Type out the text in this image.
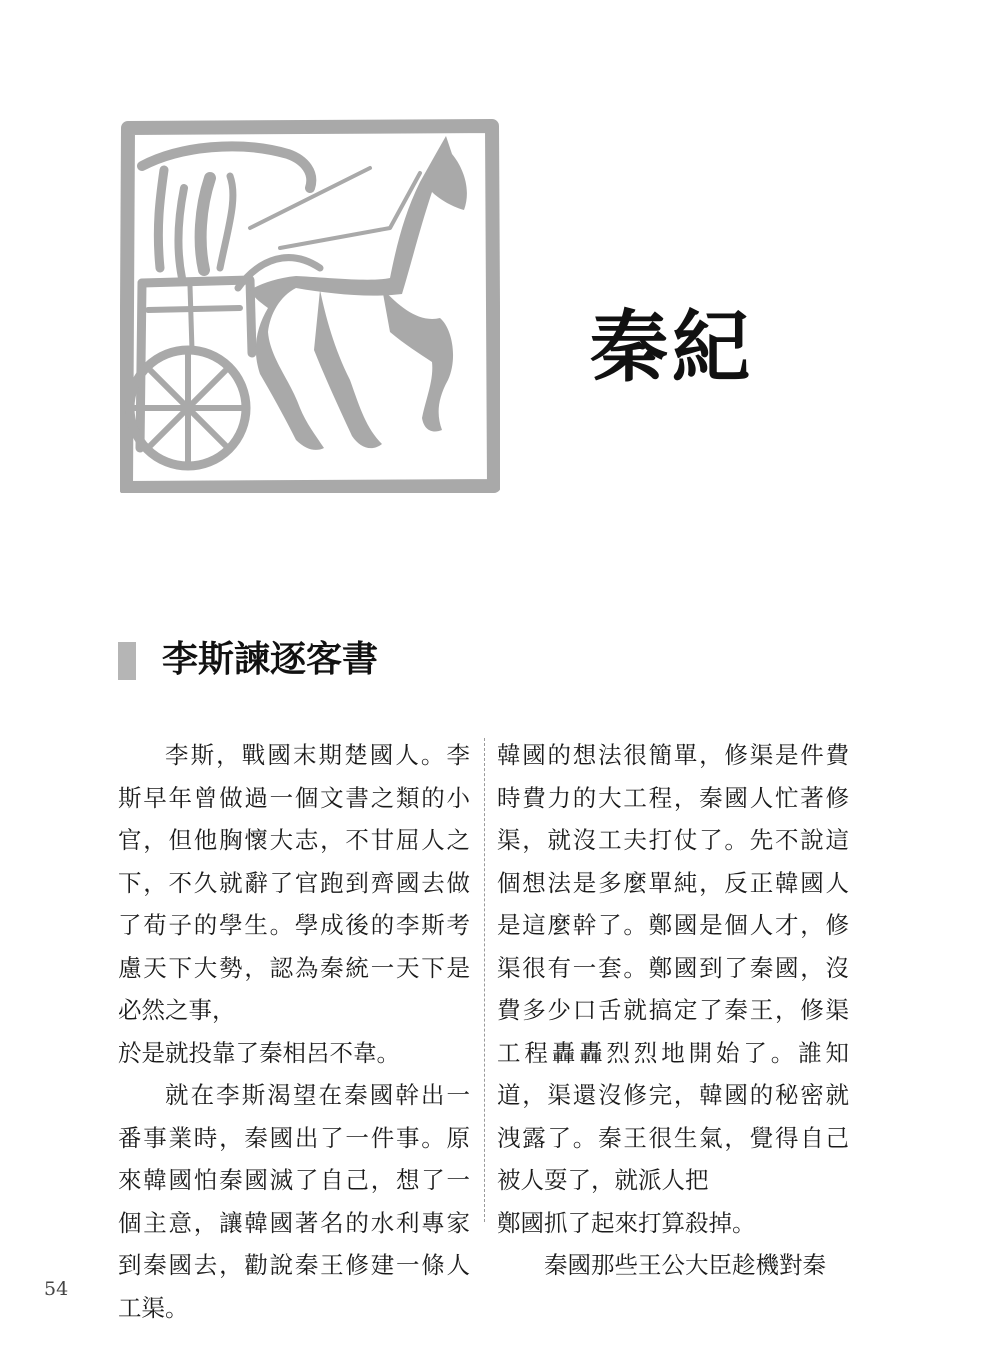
秦紀
李斯諫逐客書

李斯，戰國末期楚國人。李斯早年曾做過一個文書之類的小官，但他胸懷大志，不甘屈人之下，不久就辭了官跑到齊國去做了荀子的學生。學成後的李斯考慮天下大勢，認為秦統一天下是必然之事，
於是就投靠了秦相呂不韋。

就在李斯渴望在秦國幹出一番事業時，秦國出了一件事。原來韓國怕秦國滅了自己，想了一個主意，讓韓國著名的水利專家到秦國去，勸說秦王修建一條人工渠。

韓國的想法很簡單，修渠是件費時費力的大工程，秦國人忙著修渠，就沒工夫打仗了。先不說這個想法是多麼單純，反正韓國人是這麼幹了。鄭國是個人才，修渠很有一套。鄭國到了秦國，沒費多少口舌就搞定了秦王，修渠工程轟轟烈烈地開始了。誰知道，渠還沒修完，韓國的秘密就洩露了。秦王很生氣，覺得自己被人耍了，就派人把
鄭國抓了起來打算殺掉。

秦國那些王公大臣趁機對秦

54
